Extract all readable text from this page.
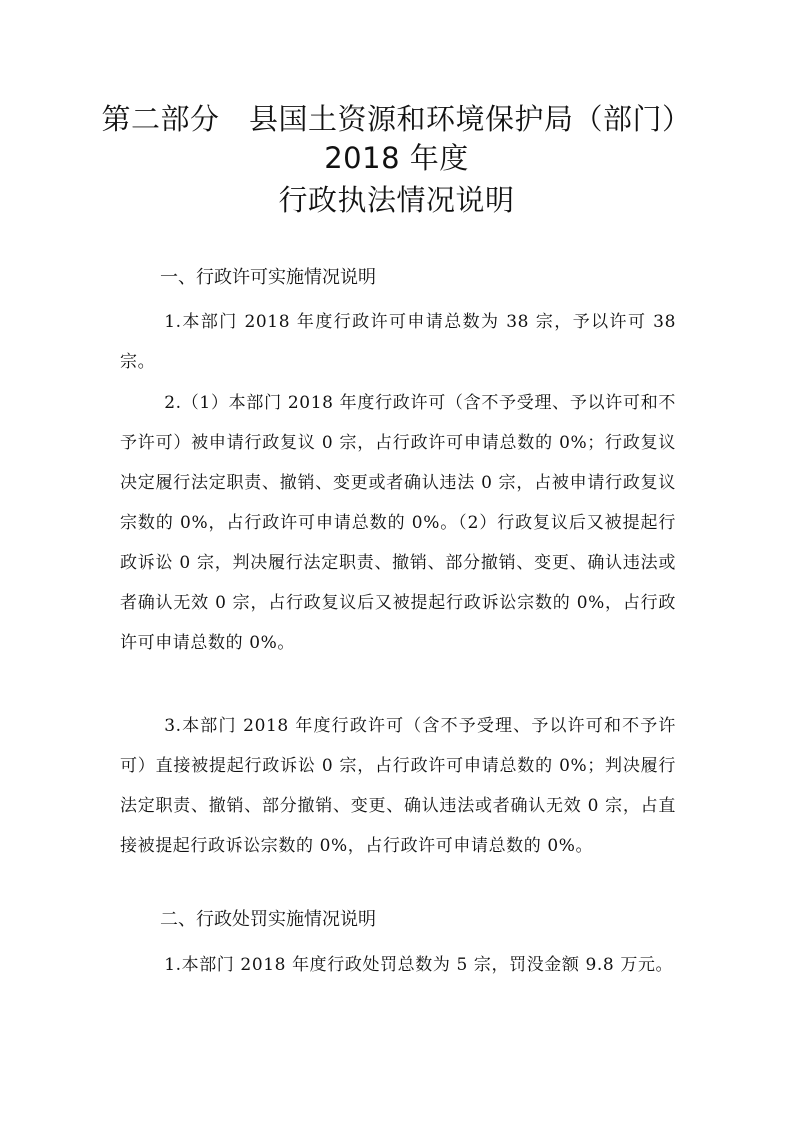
第二部分　县国土资源和环境保护局（部门）
2018 年度
行政执法情况说明
一、行政许可实施情况说明

1.本部门 2018 年度行政许可申请总数为 38 宗，予以许可 38 宗。

2.（1）本部门 2018 年度行政许可（含不予受理、予以许可和不予许可）被申请行政复议 0 宗，占行政许可申请总数的 0%；行政复议决定履行法定职责、撤销、变更或者确认违法 0 宗，占被申请行政复议宗数的 0%，占行政许可申请总数的 0%。（2）行政复议后又被提起行政诉讼 0 宗，判决履行法定职责、撤销、部分撤销、变更、确认违法或者确认无效 0 宗，占行政复议后又被提起行政诉讼宗数的 0%，占行政许可申请总数的 0%。

3.本部门 2018 年度行政许可（含不予受理、予以许可和不予许可）直接被提起行政诉讼 0 宗，占行政许可申请总数的 0%；判决履行法定职责、撤销、部分撤销、变更、确认违法或者确认无效 0 宗，占直接被提起行政诉讼宗数的 0%，占行政许可申请总数的 0%。

二、行政处罚实施情况说明

1.本部门 2018 年度行政处罚总数为 5 宗，罚没金额 9.8 万元。
